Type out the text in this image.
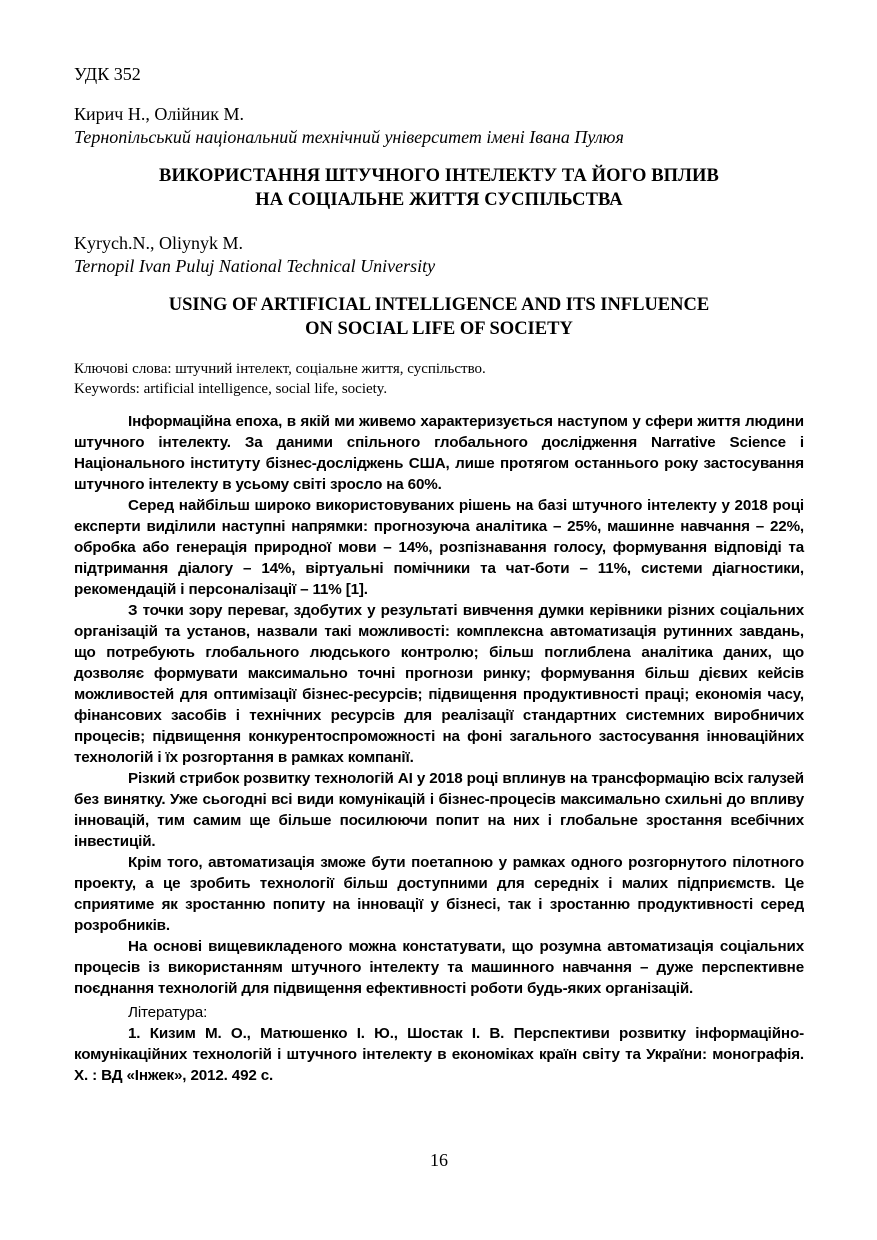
УДК 352
Кирич Н., Олійник М.
Тернопільський національний технічний університет імені Івана Пулюя
ВИКОРИСТАННЯ ШТУЧНОГО ІНТЕЛЕКТУ ТА ЙОГО ВПЛИВ
НА СОЦІАЛЬНЕ ЖИТТЯ СУСПІЛЬСТВА
Kyrych.N., Oliynyk M.
Ternopil Ivan Puluj National Technical University
USING OF ARTIFICIAL INTELLIGENCE AND ITS INFLUENCE
ON SOCIAL LIFE OF SOCIETY
Ключові слова: штучний інтелект, соціальне життя, суспільство.
Keywords: artificial intelligence, social life, society.

Інформаційна епоха, в якій ми живемо характеризується наступом у сфери життя людини штучного інтелекту. За даними спільного глобального дослідження Narrative Science і Національного інституту бізнес-досліджень США, лише протягом останнього року застосування штучного інтелекту в усьому світі зросло на 60%.

Серед найбільш широко використовуваних рішень на базі штучного інтелекту у 2018 році експерти виділили наступні напрямки: прогнозуюча аналітика – 25%, машинне навчання – 22%, обробка або генерація природної мови – 14%, розпізнавання голосу, формування відповіді та підтримання діалогу – 14%, віртуальні помічники та чат-боти – 11%, системи діагностики, рекомендацій і персоналізації – 11% [1].

З точки зору переваг, здобутих у результаті вивчення думки керівники різних соціальних організацій та установ, назвали такі можливості: комплексна автоматизація рутинних завдань, що потребують глобального людського контролю; більш поглиблена аналітика даних, що дозволяє формувати максимально точні прогнози ринку; формування більш дієвих кейсів можливостей для оптимізації бізнес-ресурсів; підвищення продуктивності праці; економія часу, фінансових засобів і технічних ресурсів для реалізації стандартних системних виробничих процесів; підвищення конкурентоспроможності на фоні загального застосування інноваційних технологій і їх розгортання в рамках компанії.

Різкий стрибок розвитку технологій AI у 2018 році вплинув на трансформацію всіх галузей без винятку. Уже сьогодні всі види комунікацій і бізнес-процесів максимально схильні до впливу інновацій, тим самим ще більше посилюючи попит на них і глобальне зростання всебічних інвестицій.

Крім того, автоматизація зможе бути поетапною у рамках одного розгорнутого пілотного проекту, а це зробить технології більш доступними для середніх і малих підприємств. Це сприятиме як зростанню попиту на інновації у бізнесі, так і зростанню продуктивності серед розробників.

На основі вищевикладеного можна констатувати, що розумна автоматизація соціальних процесів із використанням штучного інтелекту та машинного навчання – дуже перспективне поєднання технологій для підвищення ефективності роботи будь-яких організацій.

Література:

1. Кизим М. О., Матюшенко І. Ю., Шостак І. В. Перспективи розвитку інформаційно-комунікаційних технологій і штучного інтелекту в економіках країн світу та України: монографія. Х. : ВД «Інжек», 2012. 492 с.

16
